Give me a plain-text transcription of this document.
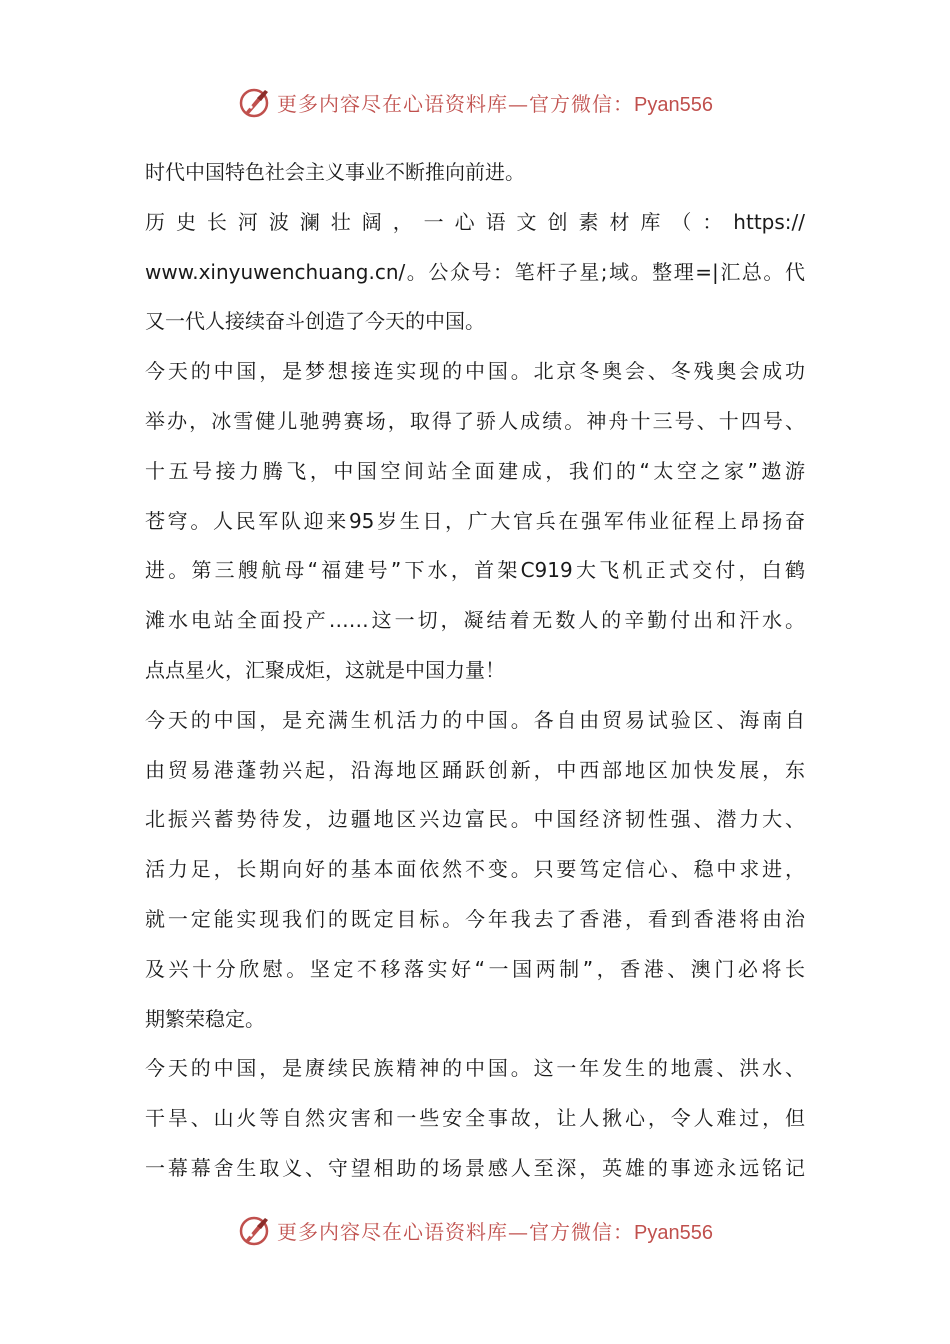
更多内容尽在心语资料库—官方微信：Pyan556
时代中国特色社会主义事业不断推向前进。
历 史 长 河 波 澜 壮 阔 ， 一 心 语 文 创 素 材 库 （ ： https://
www.xinyuwenchuang.cn/。公众号：笔杆子星;域。整理=|汇总。代
又一代人接续奋斗创造了今天的中国。
今天的中国，是梦想接连实现的中国。北京冬奥会、冬残奥会成功
举办，冰雪健儿驰骋赛场，取得了骄人成绩。神舟十三号、十四号、
十五号接力腾飞，中国空间站全面建成，我们的“太空之家”遨游
苍穹。人民军队迎来95岁生日，广大官兵在强军伟业征程上昂扬奋
进。第三艘航母“福建号”下水，首架C919大飞机正式交付，白鹤
滩水电站全面投产……这一切，凝结着无数人的辛勤付出和汗水。
点点星火，汇聚成炬，这就是中国力量！
今天的中国，是充满生机活力的中国。各自由贸易试验区、海南自
由贸易港蓬勃兴起，沿海地区踊跃创新，中西部地区加快发展，东
北振兴蓄势待发，边疆地区兴边富民。中国经济韧性强、潜力大、
活力足，长期向好的基本面依然不变。只要笃定信心、稳中求进，
就一定能实现我们的既定目标。今年我去了香港，看到香港将由治
及兴十分欣慰。坚定不移落实好“一国两制”，香港、澳门必将长
期繁荣稳定。
今天的中国，是赓续民族精神的中国。这一年发生的地震、洪水、
干旱、山火等自然灾害和一些安全事故，让人揪心，令人难过，但
一幕幕舍生取义、守望相助的场景感人至深，英雄的事迹永远铭记
更多内容尽在心语资料库—官方微信：Pyan556
